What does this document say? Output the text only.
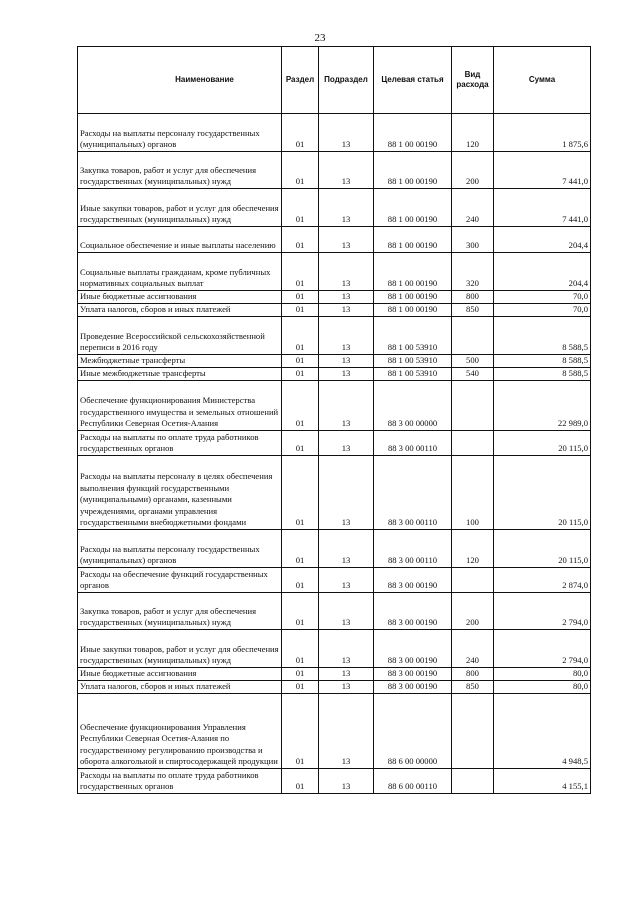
23
Наименование	Раздел	Подраздел	Целевая статья	Вид расхода	Сумма
Расходы на выплаты персоналу государственных (муниципальных) органов	01	13	88 1 00 00190	120	1 875,6
Закупка товаров, работ и услуг для обеспечения государственных (муниципальных) нужд	01	13	88 1 00 00190	200	7 441,0
Иные закупки товаров, работ и услуг для обеспечения государственных (муниципальных) нужд	01	13	88 1 00 00190	240	7 441,0
Социальное обеспечение и иные выплаты населению	01	13	88 1 00 00190	300	204,4
Социальные выплаты гражданам, кроме публичных нормативных социальных выплат	01	13	88 1 00 00190	320	204,4
Иные бюджетные ассигнования	01	13	88 1 00 00190	800	70,0
Уплата налогов, сборов и иных платежей	01	13	88 1 00 00190	850	70,0
Проведение Всероссийской сельскохозяйственной переписи в 2016 году	01	13	88 1 00 53910		8 588,5
Межбюджетные трансферты	01	13	88 1 00 53910	500	8 588,5
Иные межбюджетные трансферты	01	13	88 1 00 53910	540	8 588,5
Обеспечение функционирования Министерства государственного имущества и земельных отношений Республики Северная Осетия-Алания	01	13	88 3 00 00000		22 989,0
Расходы на выплаты по оплате труда работников государственных органов	01	13	88 3 00 00110		20 115,0
Расходы на выплаты персоналу в целях обеспечения выполнения функций государственными (муниципальными) органами, казенными учреждениями, органами управления государственными внебюджетными фондами	01	13	88 3 00 00110	100	20 115,0
Расходы на выплаты персоналу государственных (муниципальных) органов	01	13	88 3 00 00110	120	20 115,0
Расходы на обеспечение функций государственных органов	01	13	88 3 00 00190		2 874,0
Закупка товаров, работ и услуг для обеспечения государственных (муниципальных) нужд	01	13	88 3 00 00190	200	2 794,0
Иные закупки товаров, работ и услуг для обеспечения государственных (муниципальных) нужд	01	13	88 3 00 00190	240	2 794,0
Иные бюджетные ассигнования	01	13	88 3 00 00190	800	80,0
Уплата налогов, сборов и иных платежей	01	13	88 3 00 00190	850	80,0
Обеспечение функционирования Управления Республики Северная Осетия-Алания по государственному регулированию производства и оборота алкогольной и спиртосодержащей продукции	01	13	88 6 00 00000		4 948,5
Расходы на выплаты по оплате труда работников государственных органов	01	13	88 6 00 00110		4 155,1
